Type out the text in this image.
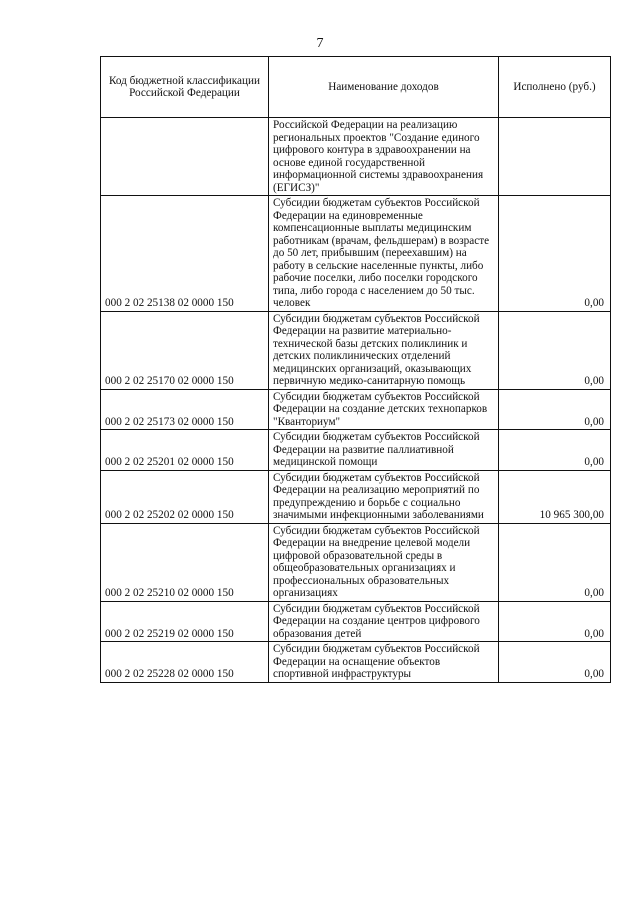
7
Код бюджетной классификации Российской Федерации	Наименование доходов	Исполнено (руб.)
	Российской Федерации на реализацию региональных проектов "Создание единого цифрового контура в здравоохранении на основе единой государственной информационной системы здравоохранения (ЕГИСЗ)"	
000 2 02 25138 02 0000 150	Субсидии бюджетам субъектов Российской Федерации на единовременные компенсационные выплаты медицинским работникам (врачам, фельдшерам) в возрасте до 50 лет, прибывшим (переехавшим) на работу в сельские населенные пункты, либо рабочие поселки, либо поселки городского типа, либо города с населением до 50 тыс. человек	0,00
000 2 02 25170 02 0000 150	Субсидии бюджетам субъектов Российской Федерации на развитие материально-технической базы детских поликлиник и детских поликлинических отделений медицинских организаций, оказывающих первичную медико-санитарную помощь	0,00
000 2 02 25173 02 0000 150	Субсидии бюджетам субъектов Российской Федерации на создание детских технопарков "Кванториум"	0,00
000 2 02 25201 02 0000 150	Субсидии бюджетам субъектов Российской Федерации на развитие паллиативной медицинской помощи	0,00
000 2 02 25202 02 0000 150	Субсидии бюджетам субъектов Российской Федерации на реализацию мероприятий по предупреждению и борьбе с социально значимыми инфекционными заболеваниями	10 965 300,00
000 2 02 25210 02 0000 150	Субсидии бюджетам субъектов Российской Федерации на внедрение целевой модели цифровой образовательной среды в общеобразовательных организациях и профессиональных образовательных организациях	0,00
000 2 02 25219 02 0000 150	Субсидии бюджетам субъектов Российской Федерации на создание центров цифрового образования детей	0,00
000 2 02 25228 02 0000 150	Субсидии бюджетам субъектов Российской Федерации на оснащение объектов спортивной инфраструктуры	0,00
